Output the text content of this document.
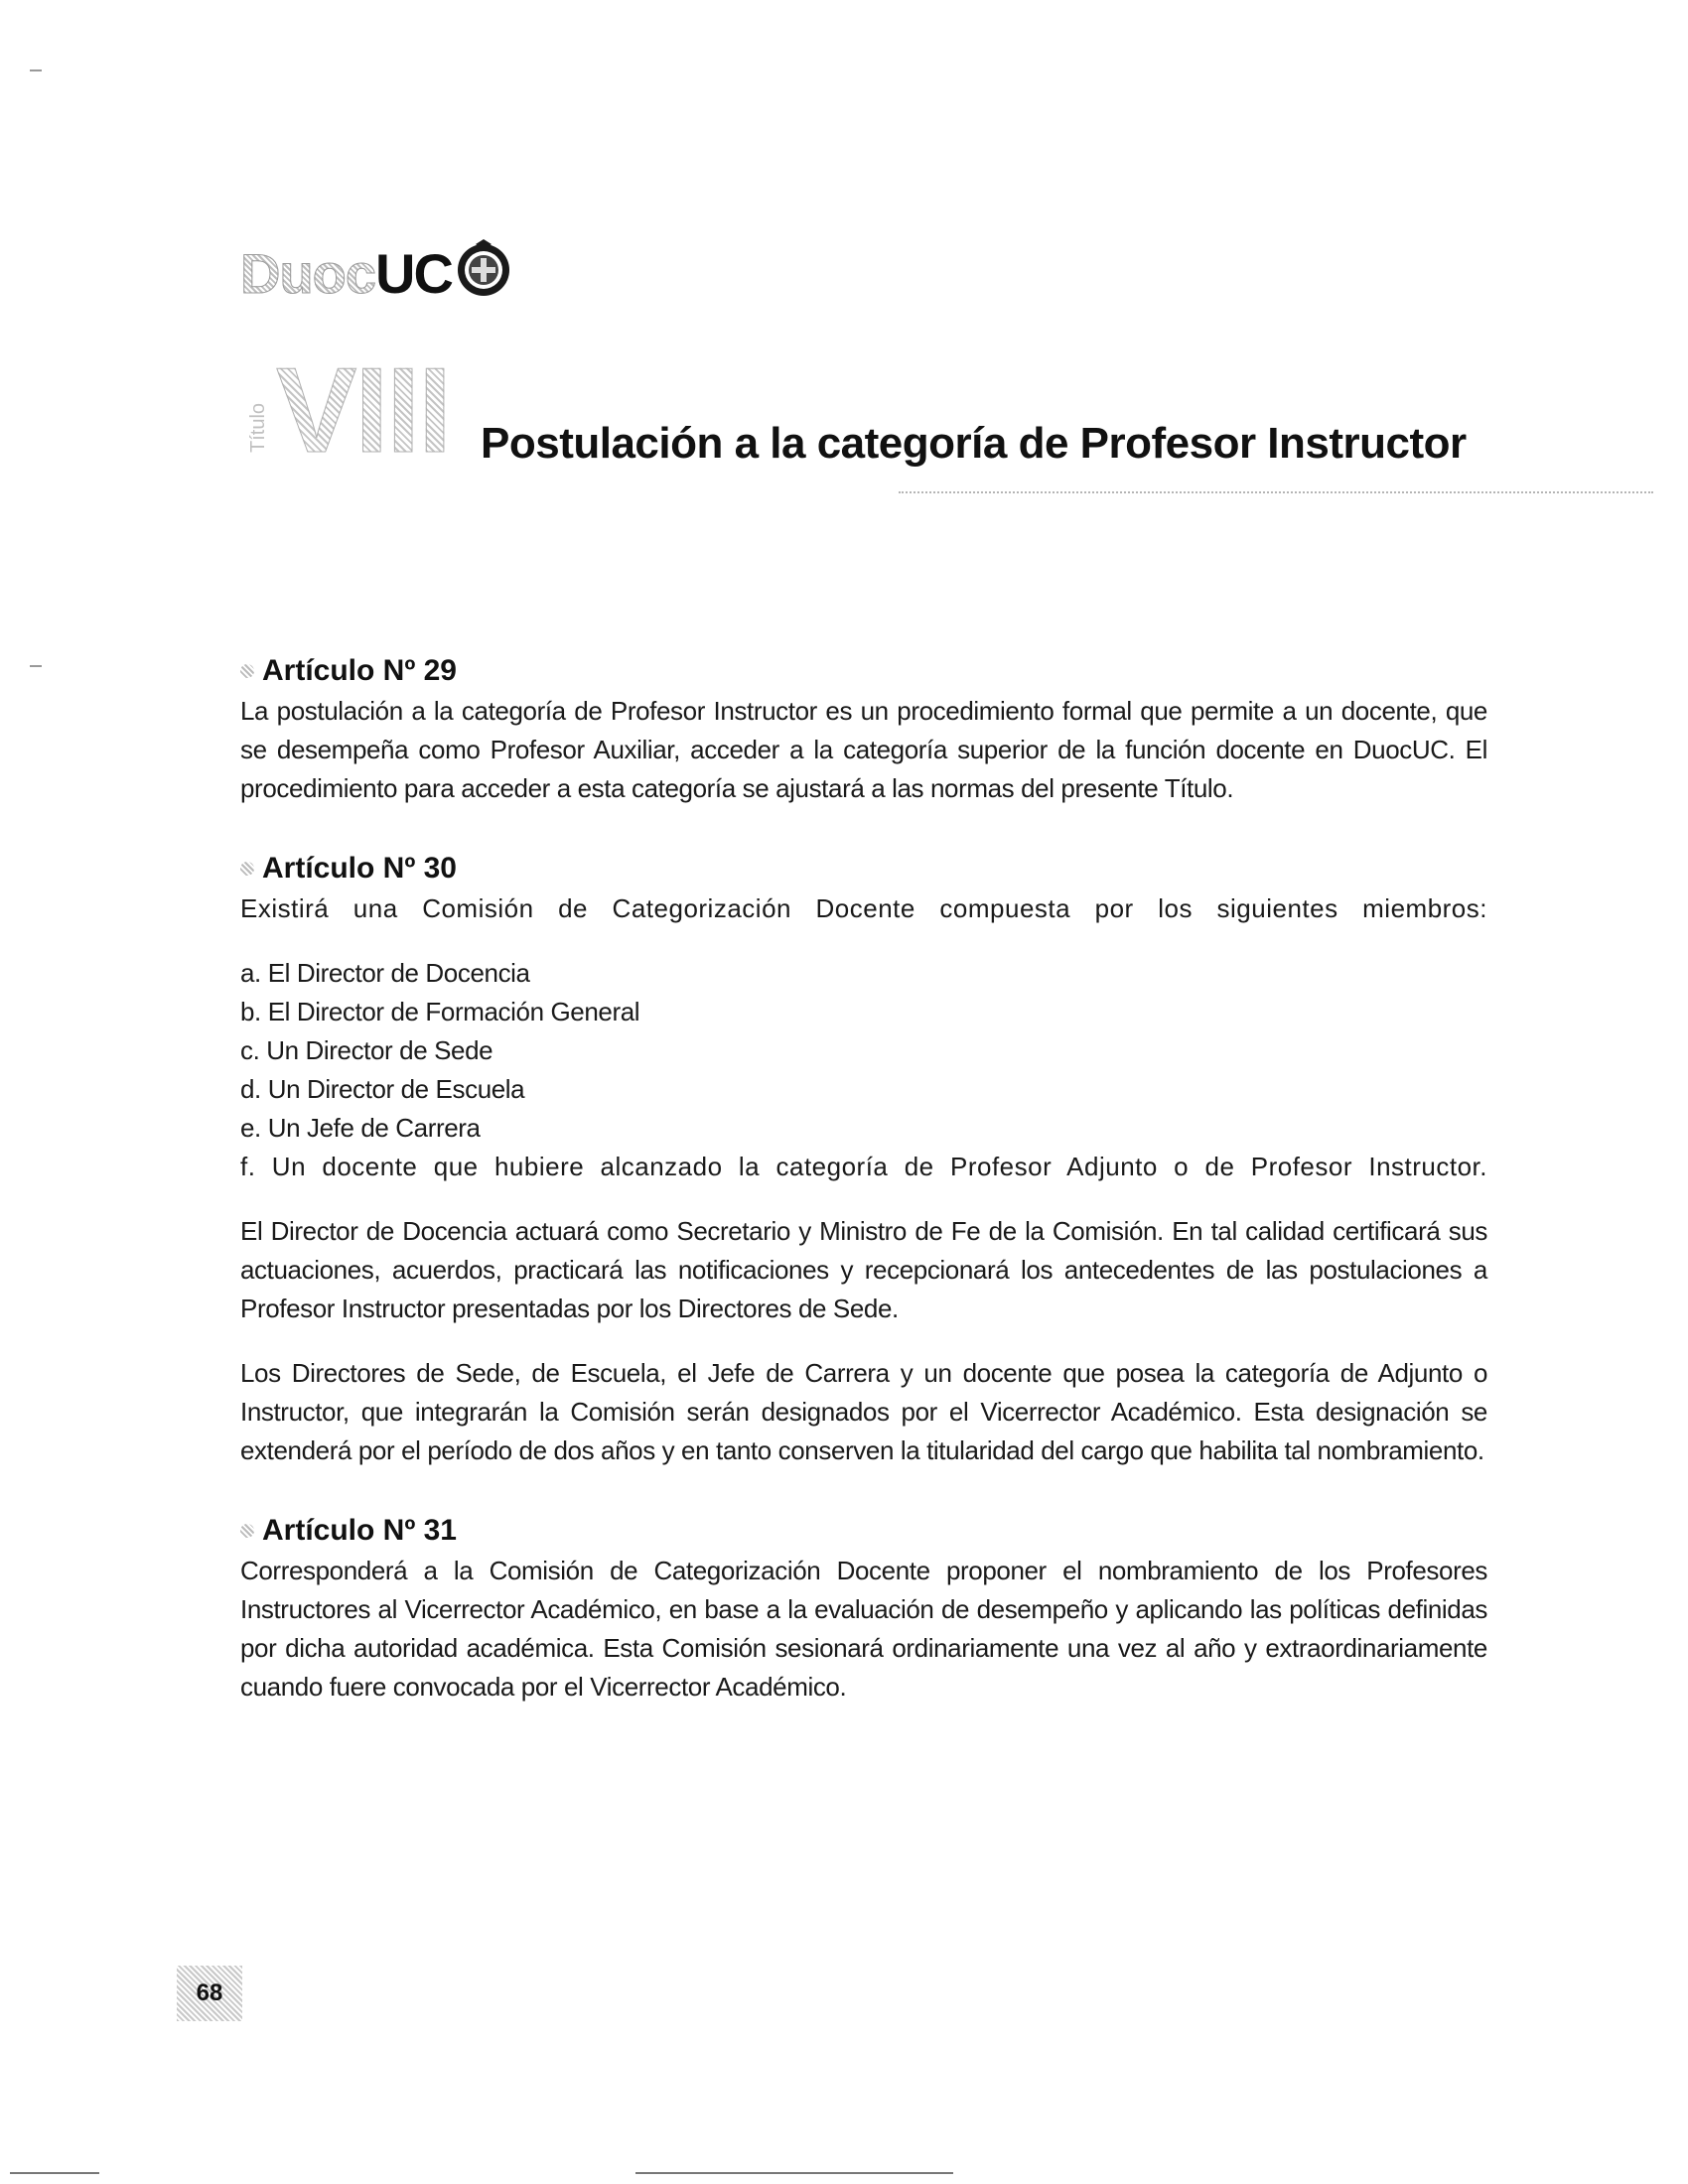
Duoc UC
Título VIII Postulación a la categoría de Profesor Instructor
Artículo Nº 29

La postulación a la categoría de Profesor Instructor es un procedimiento formal que permite a un docente, que se desempeña como Profesor Auxiliar, acceder a la categoría superior de la función docente en DuocUC. El procedimiento para acceder a esta categoría se ajustará a las normas del presente Título.

Artículo Nº 30

Existirá una Comisión de Categorización Docente compuesta por los siguientes miembros:

a. El Director de Docencia
b. El Director de Formación General
c. Un Director de Sede
d. Un Director de Escuela
e. Un Jefe de Carrera
f. Un docente que hubiere alcanzado la categoría de Profesor Adjunto o de Profesor Instructor.

El Director de Docencia actuará como Secretario y Ministro de Fe de la Comisión. En tal calidad certificará sus actuaciones, acuerdos, practicará las notificaciones y recepcionará los antecedentes de las postulaciones a Profesor Instructor presentadas por los Directores de Sede.

Los Directores de Sede, de Escuela, el Jefe de Carrera y un docente que posea la categoría de Adjunto o Instructor, que integrarán la Comisión serán designados por el Vicerrector Académico. Esta designación se extenderá por el período de dos años y en tanto conserven la titularidad del cargo que habilita tal nombramiento.

Artículo Nº 31

Corresponderá a la Comisión de Categorización Docente proponer el nombramiento de los Profesores Instructores al Vicerrector Académico, en base a la evaluación de desempeño y aplicando las políticas definidas por dicha autoridad académica. Esta Comisión sesionará ordinariamente una vez al año y extraordinariamente cuando fuere convocada por el Vicerrector Académico.

68
